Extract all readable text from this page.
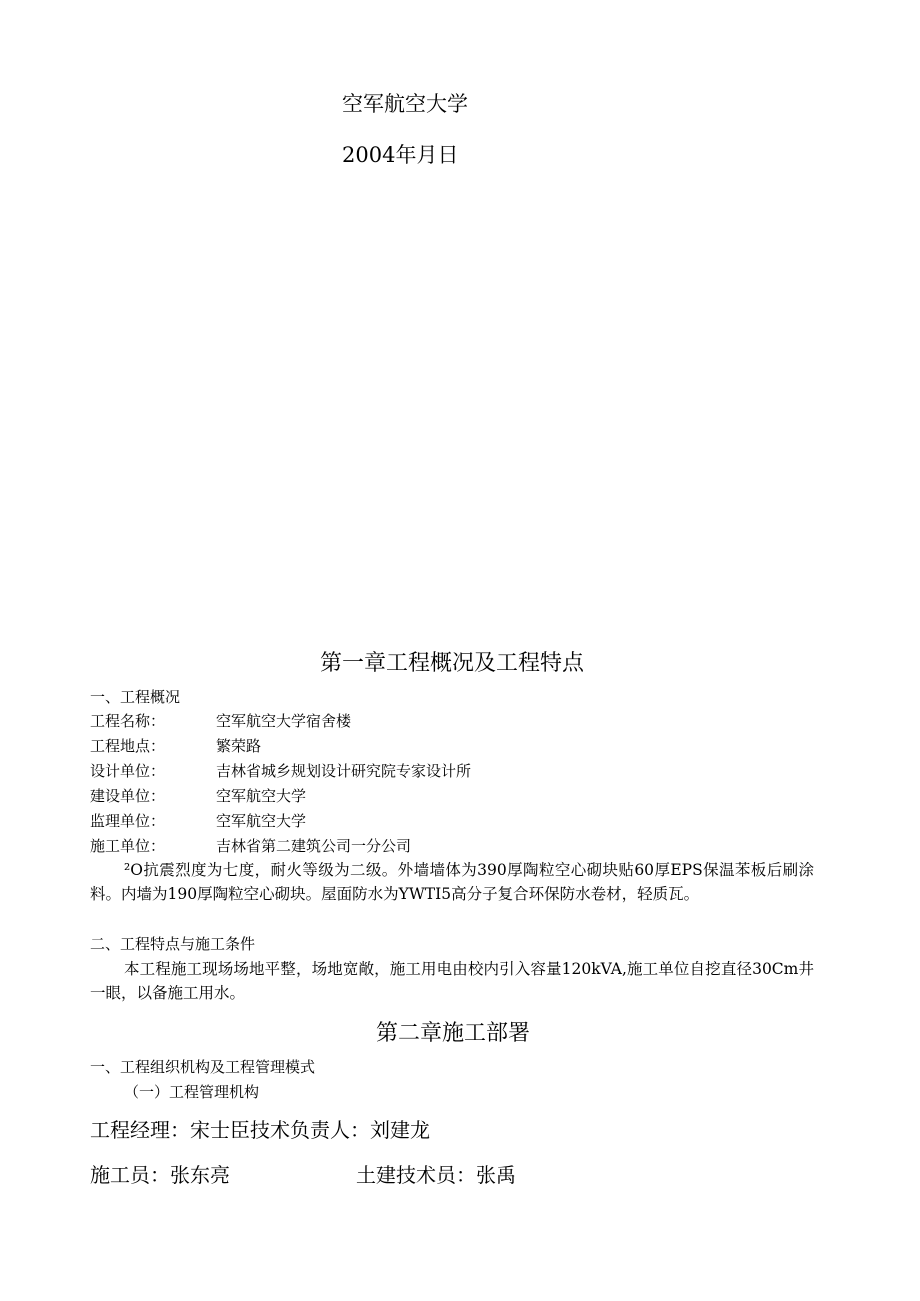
空军航空大学
2004年月日
第一章工程概况及工程特点
一、工程概况
工程名称：	空军航空大学宿舍楼
工程地点：	繁荣路
设计单位：	吉林省城乡规划设计研究院专家设计所
建设单位：	空军航空大学
监理单位：	空军航空大学
施工单位：	吉林省第二建筑公司一分公司
²O抗震烈度为七度，耐火等级为二级。外墙墙体为390厚陶粒空心砌块贴60厚EPS保温苯板后刷涂料。内墙为190厚陶粒空心砌块。屋面防水为YWTI5高分子复合环保防水卷材，轻质瓦。
二、工程特点与施工条件
本工程施工现场场地平整，场地宽敞，施工用电由校内引入容量120kVA,施工单位自挖直径30Cm井一眼，以备施工用水。
第二章施工部署
一、工程组织机构及工程管理模式
（一）工程管理机构
工程经理：宋士臣技术负责人：刘建龙
施工员：张东亮	土建技术员：张禹
